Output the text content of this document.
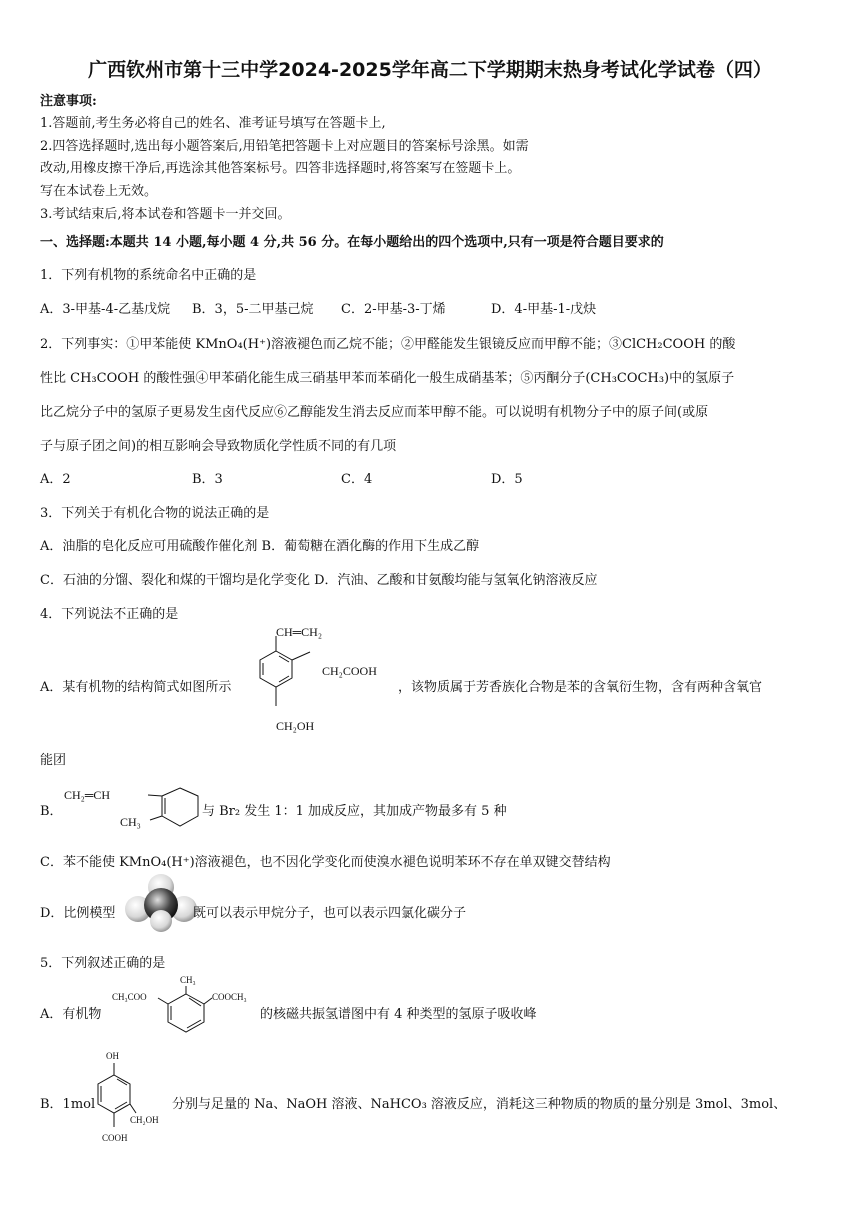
广西钦州市第十三中学2024-2025学年高二下学期期末热身考试化学试卷（四）
注意事项:
1.答题前,考生务必将自己的姓名、准考证号填写在答题卡上,
2.四答选择题时,选出每小题答案后,用铅笔把答题卡上对应题目的答案标号涂黑。如需
改动,用橡皮擦干净后,再选涂其他答案标号。四答非选择题时,将答案写在签题卡上。
写在本试卷上无效。
3.考试结束后,将本试卷和答题卡一并交回。
一、选择题:本题共 14 小题,每小题 4 分,共 56 分。在每小题给出的四个选项中,只有一项是符合题目要求的
1．下列有机物的系统命名中正确的是
A．3-甲基-4-乙基戊烷 B．3，5-二甲基己烷 C．2-甲基-3-丁烯	D．4-甲基-1-戊炔
2．下列事实：①甲苯能使 KMnO₄(H⁺)溶液褪色而乙烷不能；②甲醛能发生银镜反应而甲醇不能；③ClCH₂COOH 的酸
性比 CH₃COOH 的酸性强④甲苯硝化能生成三硝基甲苯而苯硝化一般生成硝基苯；⑤丙酮分子(CH₃COCH₃)中的氢原子
比乙烷分子中的氢原子更易发生卤代反应⑥乙醇能发生消去反应而苯甲醇不能。可以说明有机物分子中的原子间(或原
子与原子团之间)的相互影响会导致物质化学性质不同的有几项
A．2	B．3	C．4	D．5
3．下列关于有机化合物的说法正确的是
A．油脂的皂化反应可用硫酸作催化剂 B．葡萄糖在酒化酶的作用下生成乙醇
C．石油的分馏、裂化和煤的干馏均是化学变化 D．汽油、乙酸和甘氨酸均能与氢氧化钠溶液反应
4．下列说法不正确的是
A．某有机物的结构简式如图所示
CH═CH₂
CH₂COOH
CH₂OH
，该物质属于芳香族化合物是苯的含氧衍生物，含有两种含氧官
能团
B．
CH₂═CH
CH₃
与 Br₂ 发生 1：1 加成反应，其加成产物最多有 5 种
C．苯不能使 KMnO₄(H⁺)溶液褪色，也不因化学变化而使溴水褪色说明苯环不存在单双键交替结构
D．比例模型	既可以表示甲烷分子，也可以表示四氯化碳分子
5．下列叙述正确的是
A．有机物
CH₃COO
CH₃
COOCH₃
的核磁共振氢谱图中有 4 种类型的氢原子吸收峰
B．1mol
OH
CH₂OH
COOH
分别与足量的 Na、NaOH 溶液、NaHCO₃ 溶液反应，消耗这三种物质的物质的量分别是 3mol、3mol、
